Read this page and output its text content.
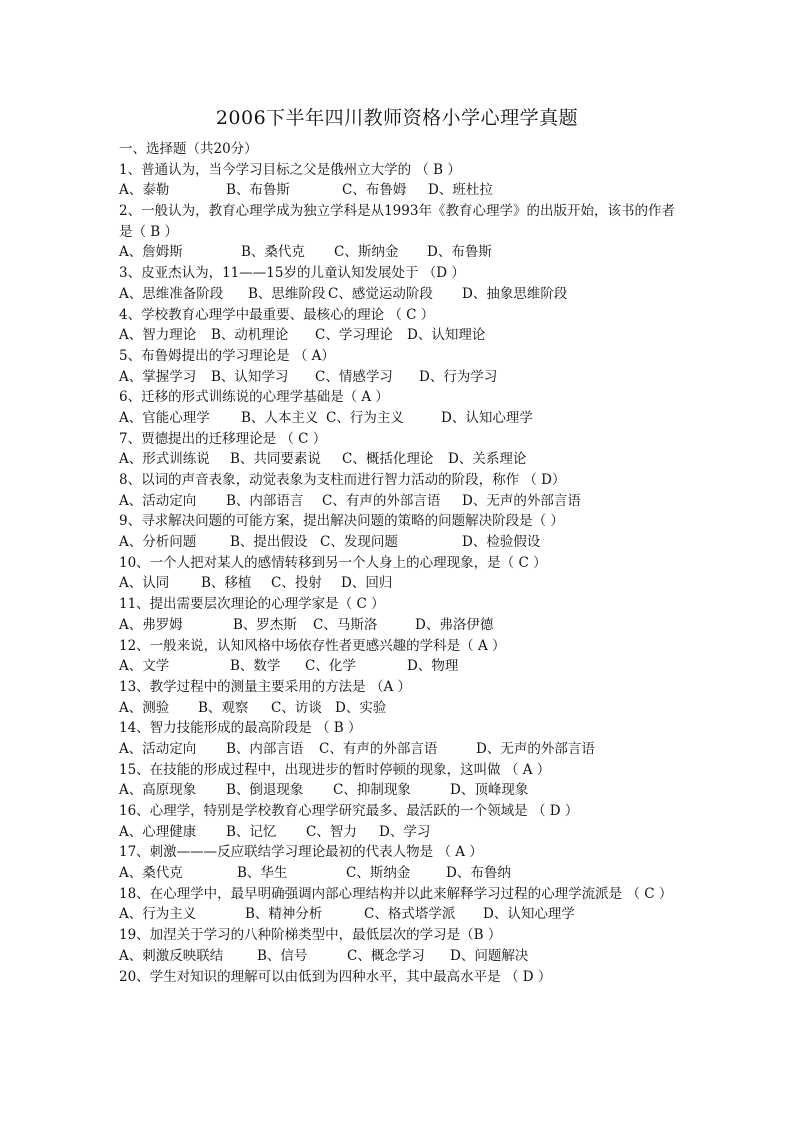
2006下半年四川教师资格小学心理学真题
一、选择题（共20分）
1、普通认为，当今学习目标之父是俄州立大学的 （ B ）
A、泰勒	B、布鲁斯	C、布鲁姆 D、班杜拉
2、一般认为，教育心理学成为独立学科是从1993年《教育心理学》的出版开始，该书的作者是（ B ）
A、詹姆斯	B、桑代克 C、斯纳金 D、布鲁斯
3、皮亚杰认为，11——15岁的儿童认知发展处于 （D ）
A、思维准备阶段 B、思维阶段 C、感觉运动阶段 D、抽象思维阶段
4、学校教育心理学中最重要、最核心的理论 （ C ）
A、智力理论 B、动机理论 C、学习理论 D、认知理论
5、布鲁姆提出的学习理论是 （ A）
A、掌握学习 B、认知学习 C、情感学习 D、行为学习
6、迁移的形式训练说的心理学基础是（ A ）
A、官能心理学 B、人本主义 C、行为主义	D、认知心理学
7、贾德提出的迁移理论是 （ C ）
A、形式训练说 B、共同要素说 C、概括化理论 D、关系理论
8、以词的声音表象，动觉表象为支柱而进行智力活动的阶段，称作 （ D）
A、活动定向 B、内部语言 C、有声的外部言语 D、无声的外部言语
9、寻求解决问题的可能方案，提出解决问题的策略的问题解决阶段是（ ）
A、分析问题	B、提出假设 C、发现问题	D、检验假设
10、一个人把对某人的感情转移到另一个人身上的心理现象，是（ C ）
A、认同 B、移植 C、投射 D、回归
11、提出需要层次理论的心理学家是（ C ）
A、弗罗姆	B、罗杰斯 C、马斯洛	D、弗洛伊德
12、一般来说，认知风格中场依存性者更感兴趣的学科是（ A ）
A、文学	B、数学 C、化学	D、物理
13、教学过程中的测量主要采用的方法是 （A ）
A、测验 B、观察 C、访谈 D、实验
14、智力技能形成的最高阶段是 （ B ）
A、活动定向 B、内部言语 C、有声的外部言语	D、无声的外部言语
15、在技能的形成过程中，出现进步的暂时停顿的现象，这叫做 （ A ）
A、高原现象 B、倒退现象 C、抑制现象	D、顶峰现象
16、心理学，特别是学校教育心理学研究最多、最活跃的一个领域是 （ D ）
A、心理健康 B、记忆 C、智力 D、学习
17、刺激———反应联结学习理论最初的代表人物是 （ A ）
A、桑代克	B、华生	C、斯纳金	D、布鲁纳
18、在心理学中，最早明确强调内部心理结构并以此来解释学习过程的心理学流派是 （ C ）
A、行为主义	B、精神分析	C、格式塔学派 D、认知心理学
19、加涅关于学习的八种阶梯类型中，最低层次的学习是（B ）
A、刺激反映联结	B、信号	C、概念学习 D、问题解决
20、学生对知识的理解可以由低到为四种水平，其中最高水平是 （ D ）
